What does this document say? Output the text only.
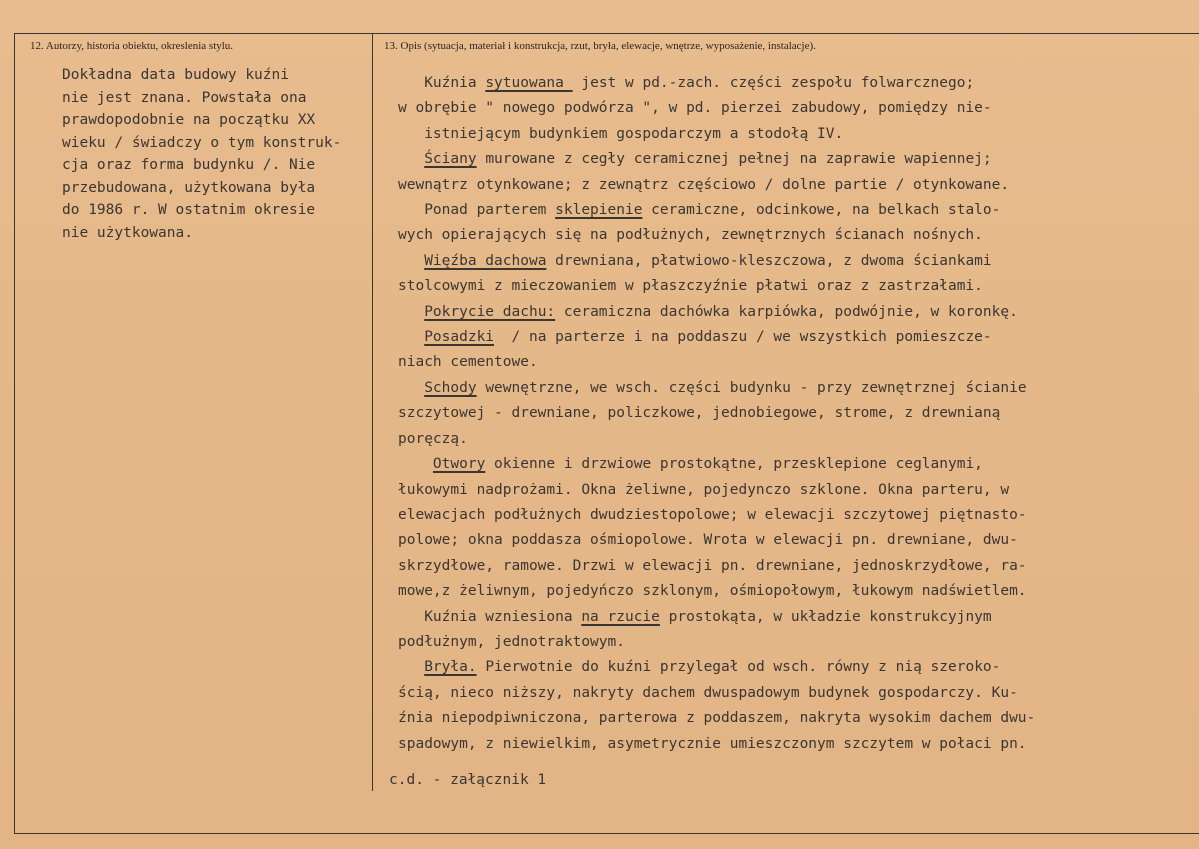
12. Autorzy, historia obiektu, okreslenia stylu.	13. Opis (sytuacja, materiał i konstrukcja, rzut, bryła, elewacje, wnętrze, wyposażenie, instalacje).
Dokładna data budowy kuźni
nie jest znana. Powstała ona
prawdopodobnie na początku XX
wieku / świadczy o tym konstruk-
cja oraz forma budynku /. Nie
przebudowana, użytkowana była
do 1986 r. W ostatnim okresie
nie użytkowana.
Kuźnia sytuowana  jest w pd.-zach. części zespołu folwarcznego;
w obrębie " nowego podwórza ", w pd. pierzei zabudowy, pomiędzy nie-
istniejącym budynkiem gospodarczym a stodołą IV.
Ściany murowane z cegły ceramicznej pełnej na zaprawie wapiennej;
wewnątrz otynkowane; z zewnątrz częściowo / dolne partie / otynkowane.
Ponad parterem sklepienie ceramiczne, odcinkowe, na belkach stalo-
wych opierających się na podłużnych, zewnętrznych ścianach nośnych.
Więźba dachowa drewniana, płatwiowo-kleszczowa, z dwoma ściankami
stolcowymi z mieczowaniem w płaszczyźnie płatwi oraz z zastrzałami.
Pokrycie dachu: ceramiczna dachówka karpiówka, podwójnie, w koronkę.
Posadzki  / na parterze i na poddaszu / we wszystkich pomieszcze-
niach cementowe.
Schody wewnętrzne, we wsch. części budynku - przy zewnętrznej ścianie
szczytowej - drewniane, policzkowe, jednobiegowe, strome, z drewnianą
poręczą.
Otwory okienne i drzwiowe prostokątne, przesklepione ceglanymi,
łukowymi nadprożami. Okna żeliwne, pojedynczo szklone. Okna parteru, w
elewacjach podłużnych dwudziestopolowe; w elewacji szczytowej piętnasto-
polowe; okna poddasza ośmiopolowe. Wrota w elewacji pn. drewniane, dwu-
skrzydłowe, ramowe. Drzwi w elewacji pn. drewniane, jednoskrzydłowe, ra-
mowe,z żeliwnym, pojedyńczo szklonym, ośmiopołowym, łukowym nadświetlem.
Kuźnia wzniesiona na rzucie prostokąta, w układzie konstrukcyjnym
podłużnym, jednotraktowym.
Bryła. Pierwotnie do kuźni przylegał od wsch. równy z nią szeroko-
ścią, nieco niższy, nakryty dachem dwuspadowym budynek gospodarczy. Ku-
źnia niepodpiwniczona, parterowa z poddaszem, nakryta wysokim dachem dwu-
spadowym, z niewielkim, asymetrycznie umieszczonym szczytem w połaci pn.
c.d. - załącznik 1
